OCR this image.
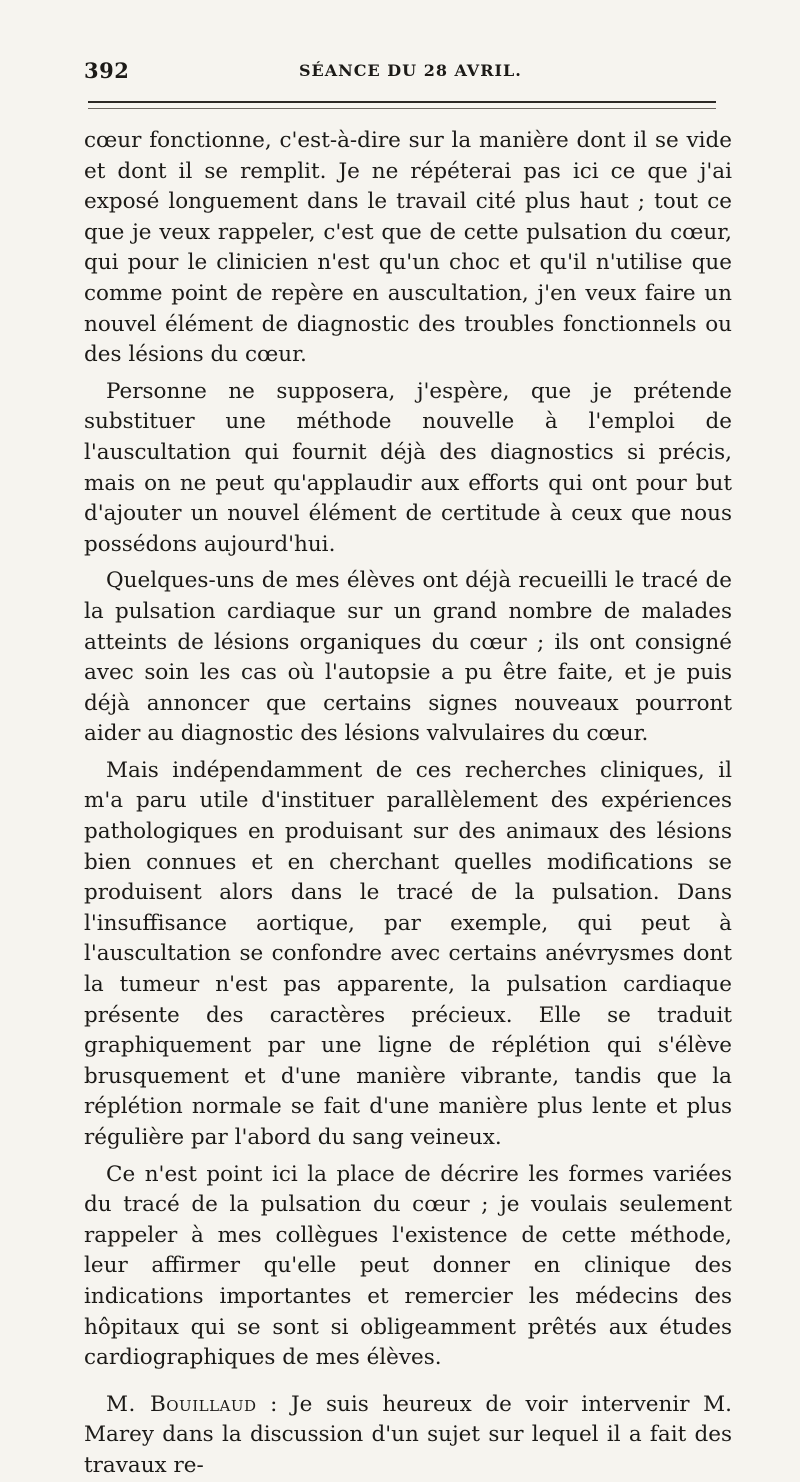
392	SÉANCE DU 28 AVRIL.

cœur fonctionne, c'est-à-dire sur la manière dont il se vide et dont il se remplit. Je ne répéterai pas ici ce que j'ai exposé longuement dans le travail cité plus haut ; tout ce que je veux rappeler, c'est que de cette pulsation du cœur, qui pour le clinicien n'est qu'un choc et qu'il n'utilise que comme point de repère en auscultation, j'en veux faire un nouvel élément de diagnostic des troubles fonctionnels ou des lésions du cœur.

Personne ne supposera, j'espère, que je prétende substituer une méthode nouvelle à l'emploi de l'auscultation qui fournit déjà des diagnostics si précis, mais on ne peut qu'applaudir aux efforts qui ont pour but d'ajouter un nouvel élément de certitude à ceux que nous possédons aujourd'hui.

Quelques-uns de mes élèves ont déjà recueilli le tracé de la pulsation cardiaque sur un grand nombre de malades atteints de lésions organiques du cœur ; ils ont consigné avec soin les cas où l'autopsie a pu être faite, et je puis déjà annoncer que certains signes nouveaux pourront aider au diagnostic des lésions valvulaires du cœur.

Mais indépendamment de ces recherches cliniques, il m'a paru utile d'instituer parallèlement des expériences pathologiques en produisant sur des animaux des lésions bien connues et en cherchant quelles modifications se produisent alors dans le tracé de la pulsation. Dans l'insuffisance aortique, par exemple, qui peut à l'auscultation se confondre avec certains anévrysmes dont la tumeur n'est pas apparente, la pulsation cardiaque présente des caractères précieux. Elle se traduit graphiquement par une ligne de réplétion qui s'élève brusquement et d'une manière vibrante, tandis que la réplétion normale se fait d'une manière plus lente et plus régulière par l'abord du sang veineux.

Ce n'est point ici la place de décrire les formes variées du tracé de la pulsation du cœur ; je voulais seulement rappeler à mes collègues l'existence de cette méthode, leur affirmer qu'elle peut donner en clinique des indications importantes et remercier les médecins des hôpitaux qui se sont si obligeamment prêtés aux études cardiographiques de mes élèves.

M. Bouillaud : Je suis heureux de voir intervenir M. Marey dans la discussion d'un sujet sur lequel il a fait des travaux re-
